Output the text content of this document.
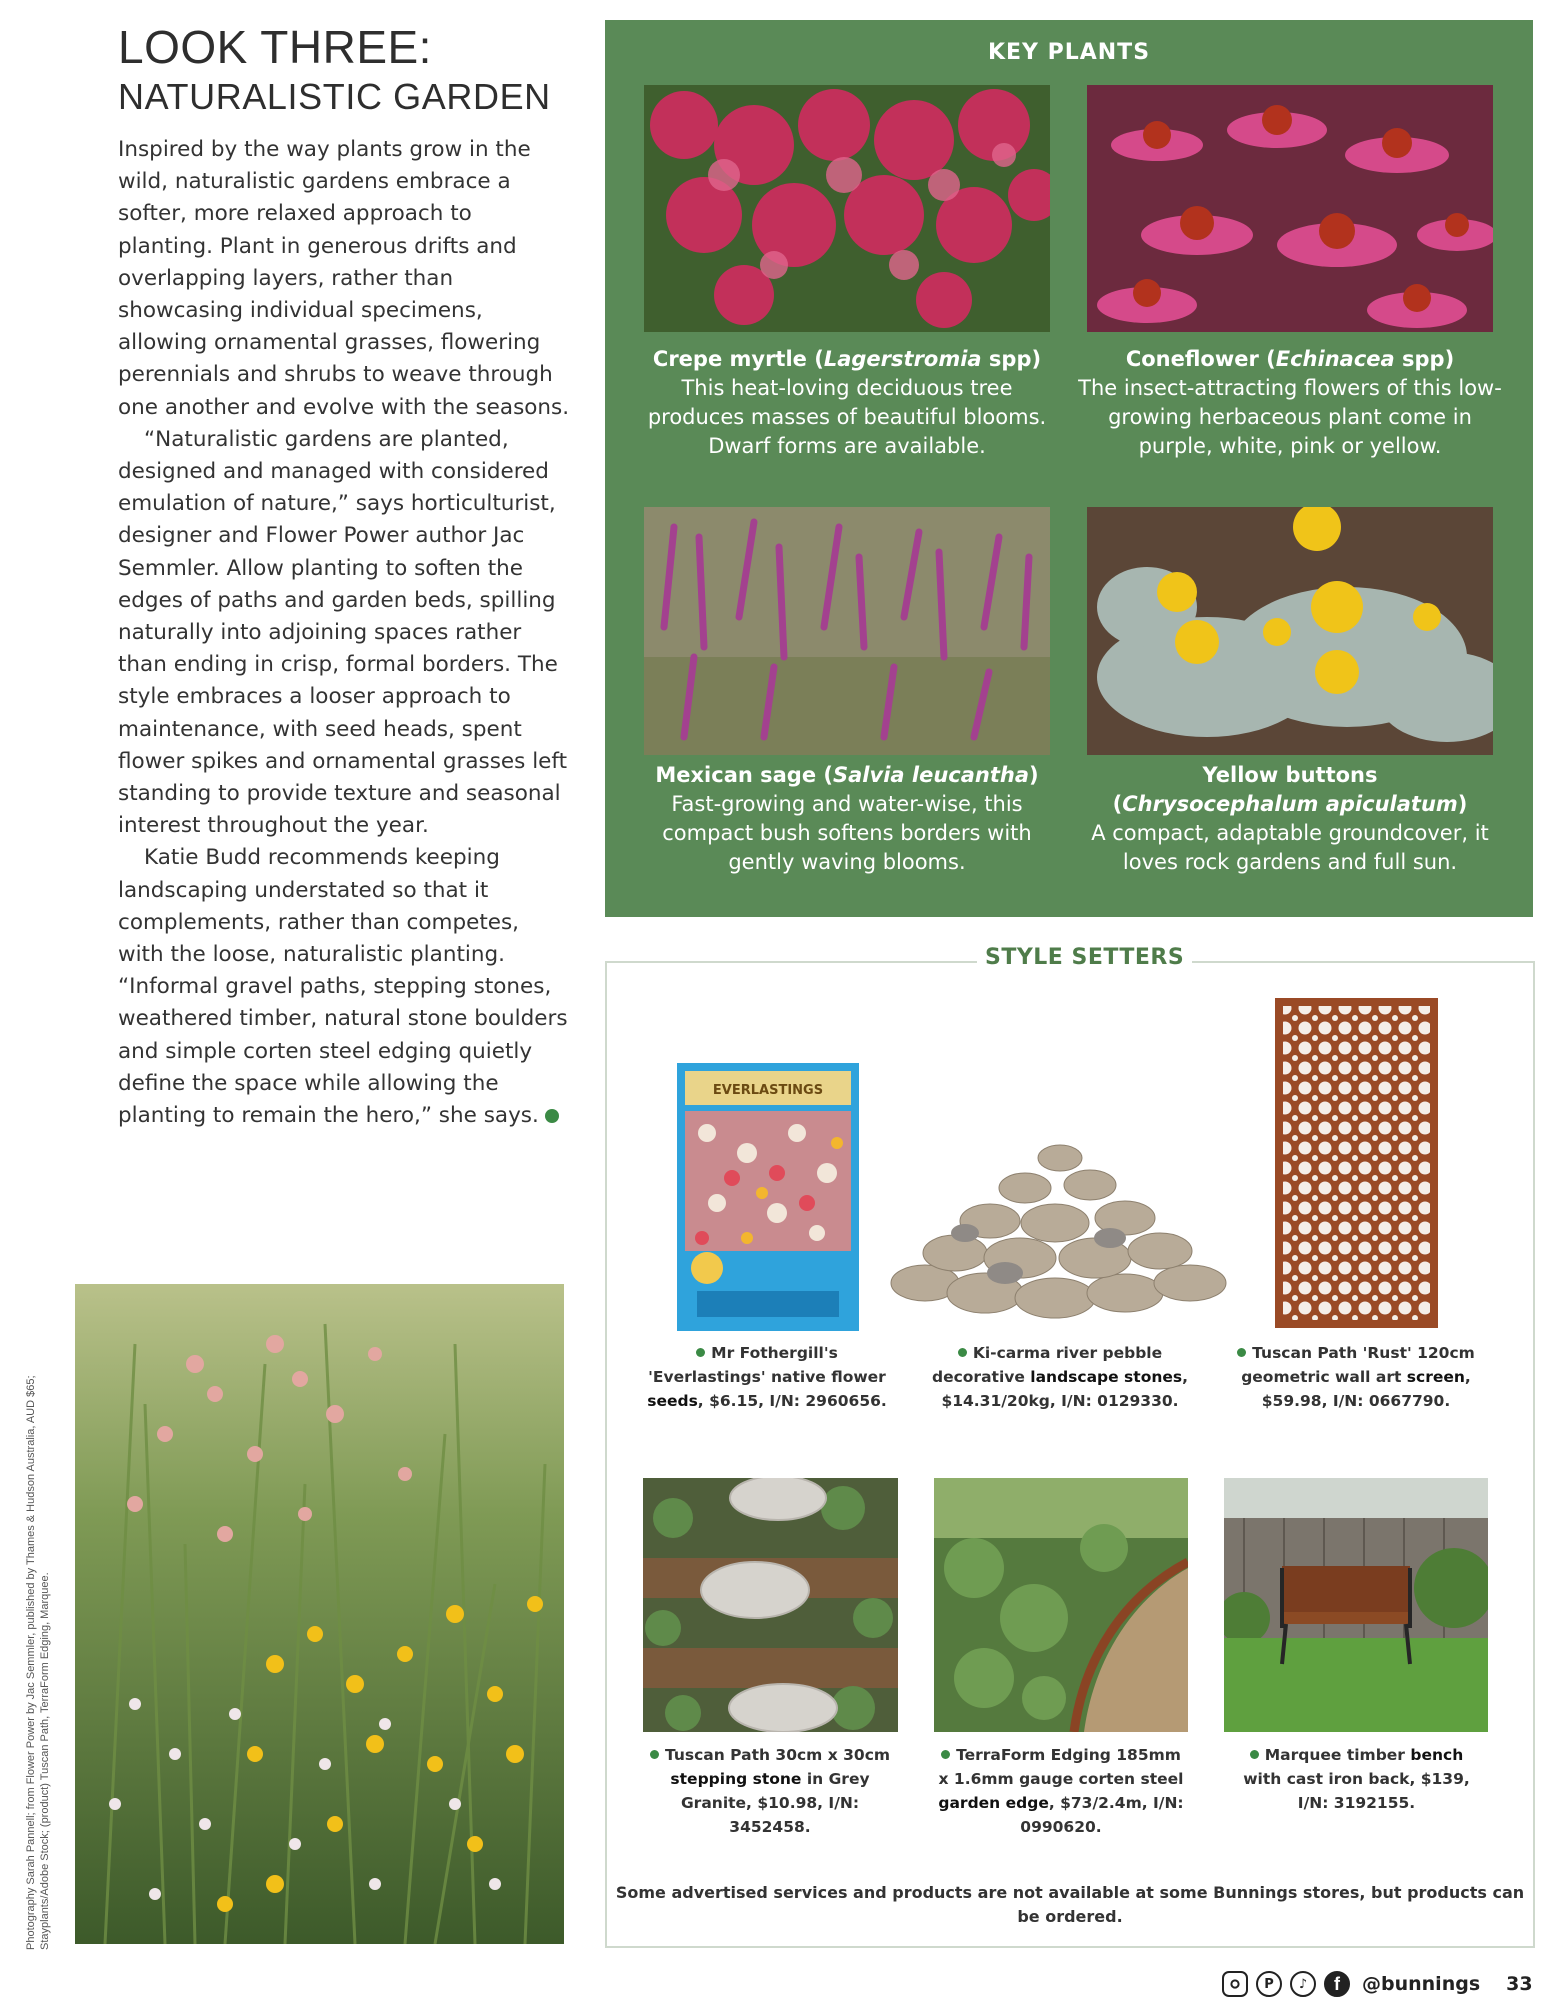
LOOK THREE:
NATURALISTIC GARDEN

Inspired by the way plants grow in the wild, naturalistic gardens embrace a softer, more relaxed approach to planting. Plant in generous drifts and overlapping layers, rather than showcasing individual specimens, allowing ornamental grasses, flowering perennials and shrubs to weave through one another and evolve with the seasons.

“Naturalistic gardens are planted, designed and managed with considered emulation of nature,” says horticulturist, designer and Flower Power author Jac Semmler. Allow planting to soften the edges of paths and garden beds, spilling naturally into adjoining spaces rather than ending in crisp, formal borders. The style embraces a looser approach to maintenance, with seed heads, spent flower spikes and ornamental grasses left standing to provide texture and seasonal interest throughout the year.

Katie Budd recommends keeping landscaping understated so that it complements, rather than competes, with the loose, naturalistic planting. “Informal gravel paths, stepping stones, weathered timber, natural stone boulders and simple corten steel edging quietly define the space while allowing the planting to remain the hero,” she says.

Photography Sarah Pannell; from Flower Power by Jac Semmler, published by Thames & Hudson Australia, AUD $65; Stayplants/Adobe Stock; (product) Tuscan Path, TerraForm Edging, Marquee.
KEY PLANTS
Crepe myrtle (Lagerstromia spp)
This heat-loving deciduous tree produces masses of beautiful blooms. Dwarf forms are available.
Coneflower (Echinacea spp)
The insect-attracting flowers of this low-growing herbaceous plant come in purple, white, pink or yellow.
Mexican sage (Salvia leucantha)
Fast-growing and water-wise, this compact bush softens borders with gently waving blooms.
Yellow buttons
(Chrysocephalum apiculatum)
A compact, adaptable groundcover, it loves rock gardens and full sun.
STYLE SETTERS
EVERLASTINGS
Mr Fothergill's 'Everlastings' native flower seeds, $6.15, I/N: 2960656.
Ki-carma river pebble decorative landscape stones, $14.31/20kg, I/N: 0129330.
Tuscan Path 'Rust' 120cm geometric wall art screen, $59.98, I/N: 0667790.
Tuscan Path 30cm x 30cm stepping stone in Grey Granite, $10.98, I/N: 3452458.
TerraForm Edging 185mm x 1.6mm gauge corten steel garden edge, $73/2.4m, I/N: 0990620.
Marquee timber bench with cast iron back, $139, I/N: 3192155.
Some advertised services and products are not available at some Bunnings stores, but products can be ordered.
P	♪	f	@bunnings 33
